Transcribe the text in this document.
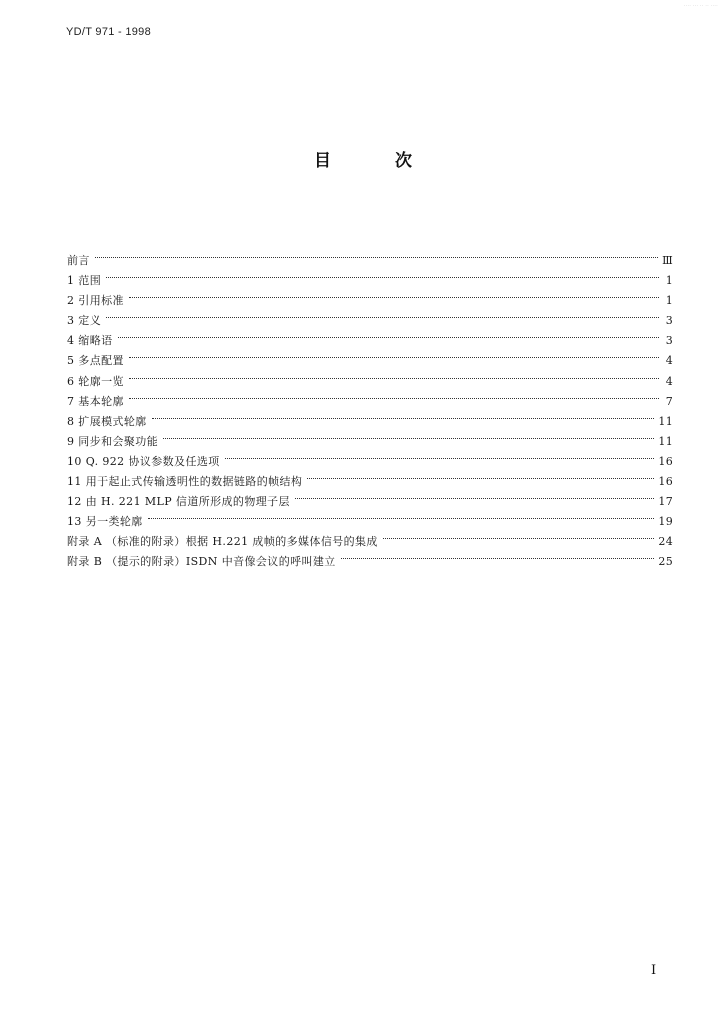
YD/T 971 - 1998
···· ··· ·· ·· ····
目	次
前言	Ⅲ
1 范围	1
2 引用标准	1
3 定义	3
4 缩略语	3
5 多点配置	4
6 轮廓一览	4
7 基本轮廓	7
8 扩展模式轮廓	11
9 同步和会聚功能	11
10 Q. 922 协议参数及任选项	16
11 用于起止式传输透明性的数据链路的帧结构	16
12 由 H. 221 MLP 信道所形成的物理子层	17
13 另一类轮廓	19
附录 A （标准的附录）根据 H.221 成帧的多媒体信号的集成	24
附录 B （提示的附录）ISDN 中音像会议的呼叫建立	25
I
